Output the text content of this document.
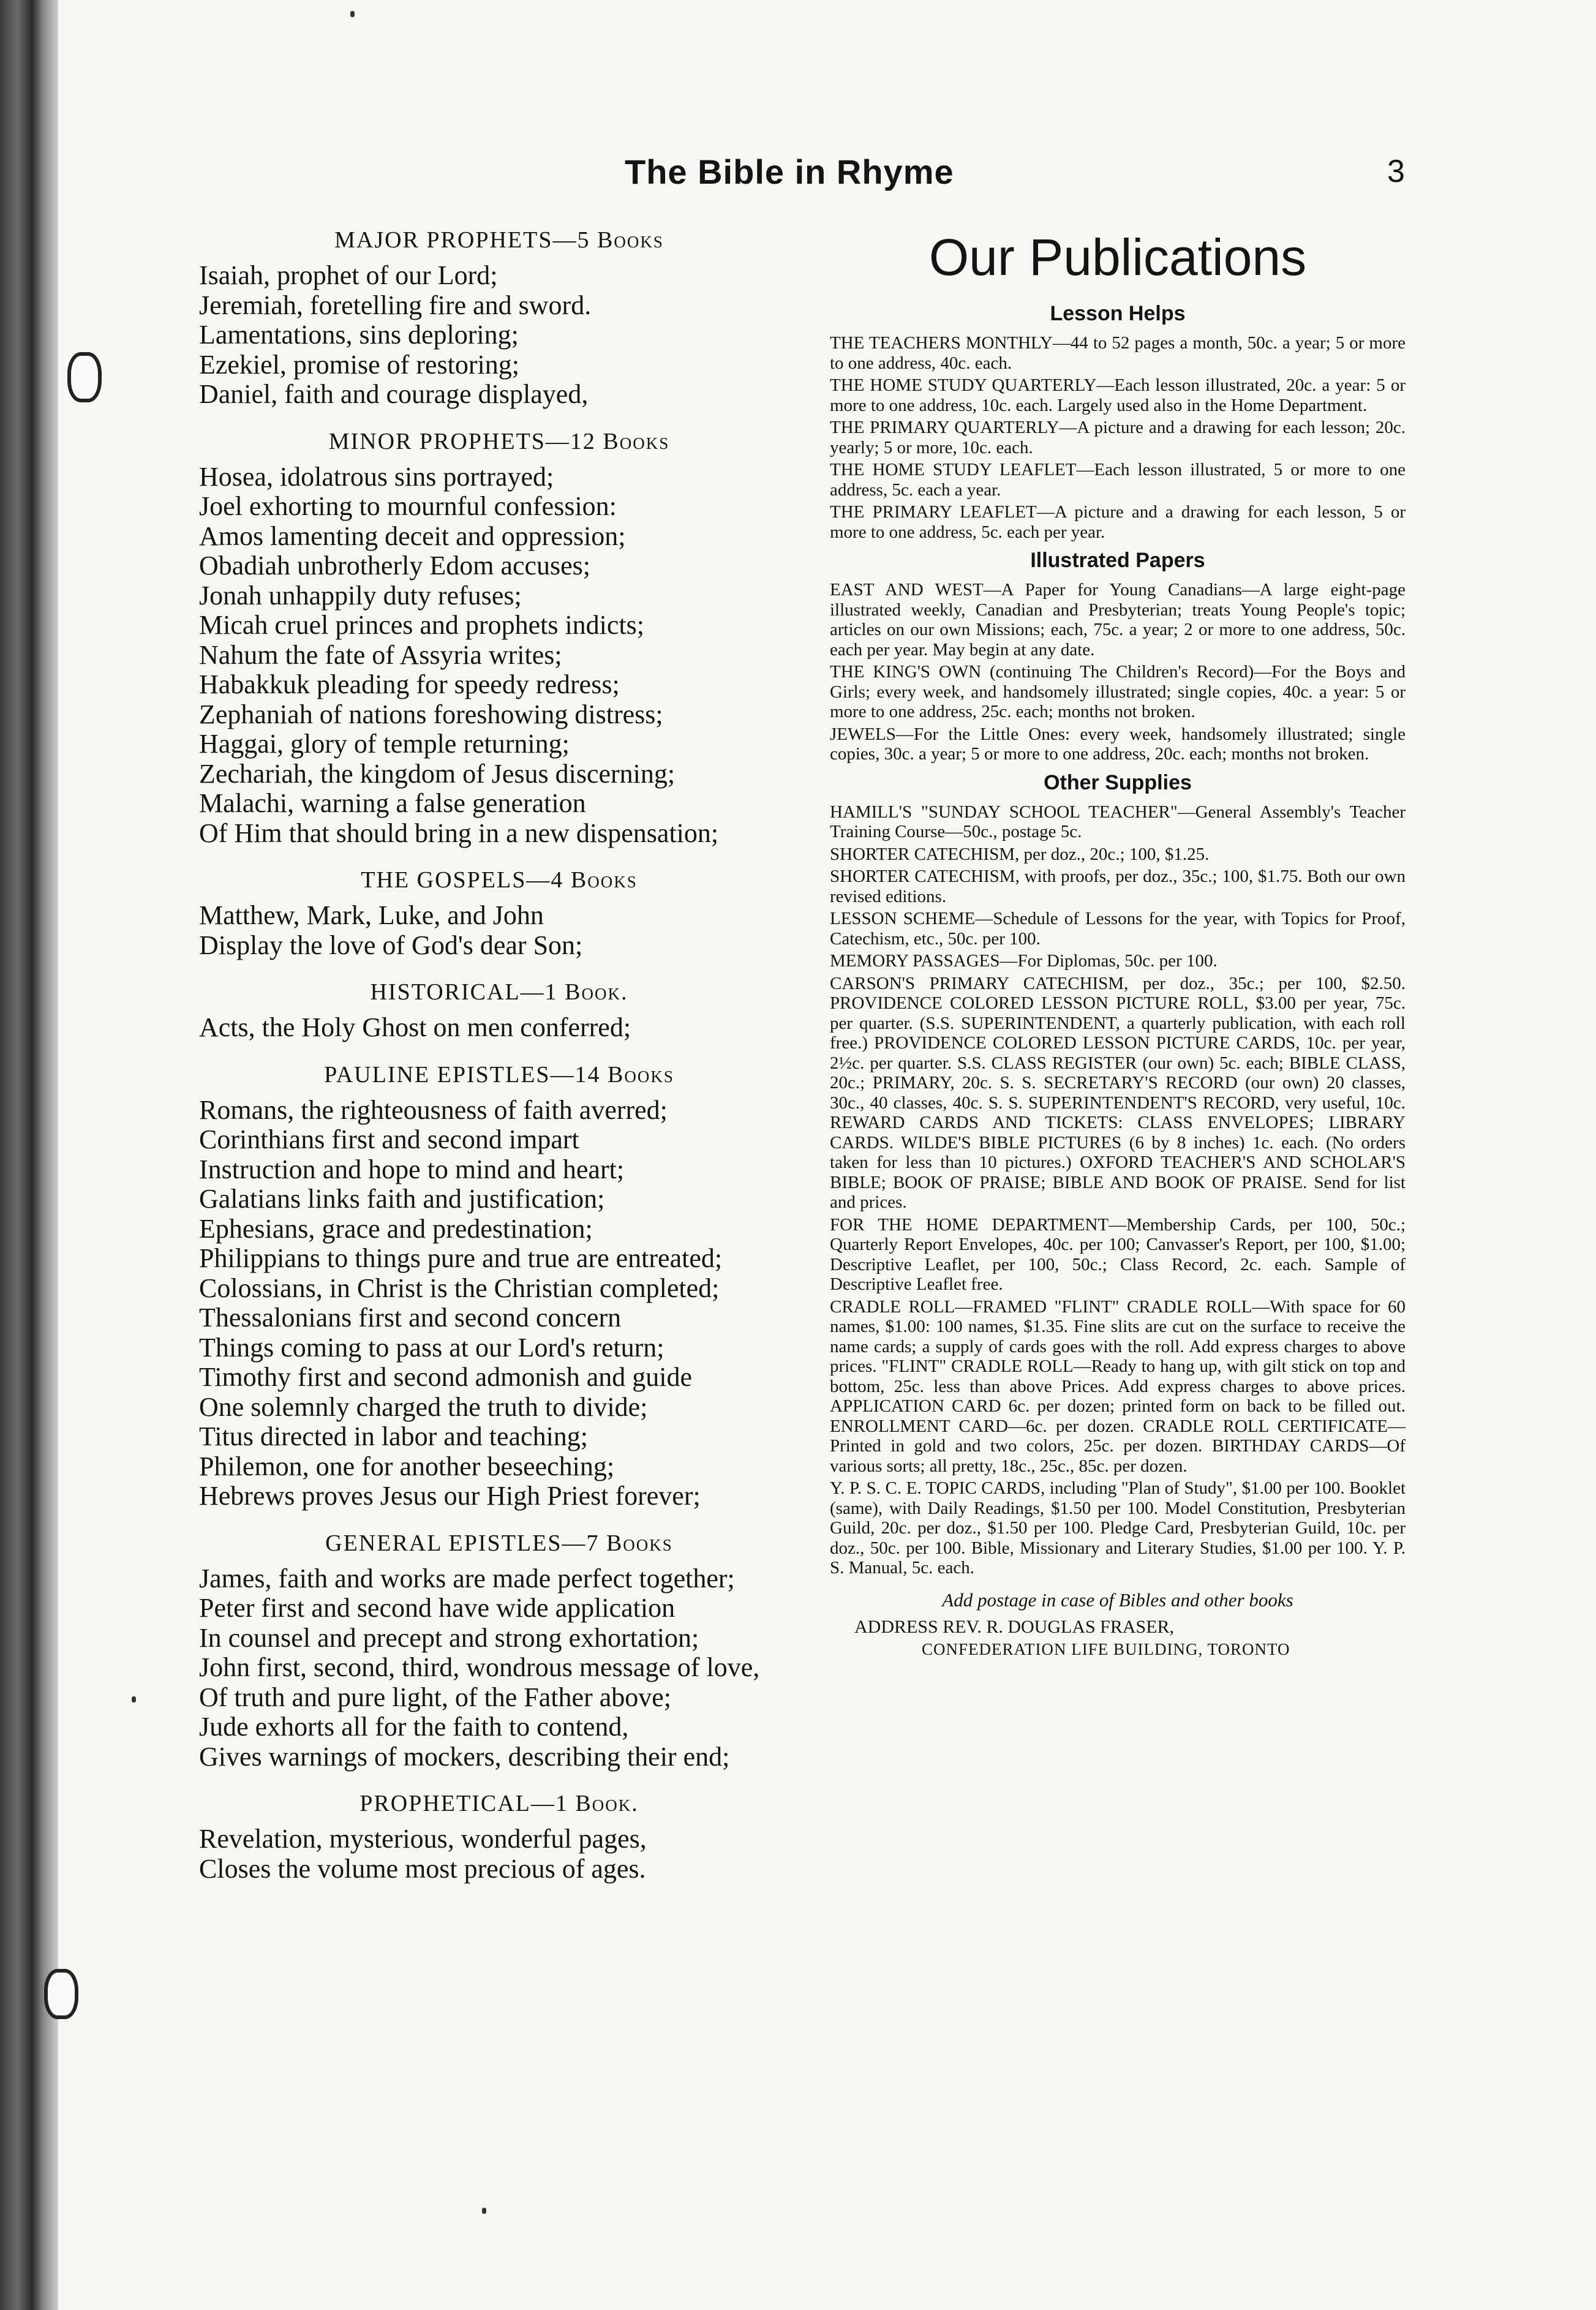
The Bible in Rhyme	3
MAJOR PROPHETS—5 Books
Isaiah, prophet of our Lord;
Jeremiah, foretelling fire and sword.
Lamentations, sins deploring;
Ezekiel, promise of restoring;
Daniel, faith and courage displayed,
MINOR PROPHETS—12 Books
Hosea, idolatrous sins portrayed;
Joel exhorting to mournful confession:
Amos lamenting deceit and oppression;
Obadiah unbrotherly Edom accuses;
Jonah unhappily duty refuses;
Micah cruel princes and prophets indicts;
Nahum the fate of Assyria writes;
Habakkuk pleading for speedy redress;
Zephaniah of nations foreshowing distress;
Haggai, glory of temple returning;
Zechariah, the kingdom of Jesus discerning;
Malachi, warning a false generation
Of Him that should bring in a new dispensation;
THE GOSPELS—4 Books
Matthew, Mark, Luke, and John
Display the love of God's dear Son;
HISTORICAL—1 Book.
Acts, the Holy Ghost on men conferred;
PAULINE EPISTLES—14 Books
Romans, the righteousness of faith averred;
Corinthians first and second impart
Instruction and hope to mind and heart;
Galatians links faith and justification;
Ephesians, grace and predestination;
Philippians to things pure and true are entreated;
Colossians, in Christ is the Christian completed;
Thessalonians first and second concern
Things coming to pass at our Lord's return;
Timothy first and second admonish and guide
One solemnly charged the truth to divide;
Titus directed in labor and teaching;
Philemon, one for another beseeching;
Hebrews proves Jesus our High Priest forever;
GENERAL EPISTLES—7 Books
James, faith and works are made perfect together;
Peter first and second have wide application
In counsel and precept and strong exhortation;
John first, second, third, wondrous message of love,
Of truth and pure light, of the Father above;
Jude exhorts all for the faith to contend,
Gives warnings of mockers, describing their end;
PROPHETICAL—1 Book.
Revelation, mysterious, wonderful pages,
Closes the volume most precious of ages.
Our Publications
Lesson Helps
THE TEACHERS MONTHLY—44 to 52 pages a month, 50c. a year; 5 or more to one address, 40c. each.
THE HOME STUDY QUARTERLY—Each lesson illustrated, 20c. a year: 5 or more to one address, 10c. each. Largely used also in the Home Department.
THE PRIMARY QUARTERLY—A picture and a drawing for each lesson; 20c. yearly; 5 or more, 10c. each.
THE HOME STUDY LEAFLET—Each lesson illustrated, 5 or more to one address, 5c. each a year.
THE PRIMARY LEAFLET—A picture and a drawing for each lesson, 5 or more to one address, 5c. each per year.
Illustrated Papers
EAST AND WEST—A Paper for Young Canadians—A large eight-page illustrated weekly, Canadian and Presbyterian; treats Young People's topic; articles on our own Missions; each, 75c. a year; 2 or more to one address, 50c. each per year. May begin at any date.
THE KING'S OWN (continuing The Children's Record)—For the Boys and Girls; every week, and handsomely illustrated; single copies, 40c. a year: 5 or more to one address, 25c. each; months not broken.
JEWELS—For the Little Ones: every week, handsomely illustrated; single copies, 30c. a year; 5 or more to one address, 20c. each; months not broken.
Other Supplies
HAMILL'S "SUNDAY SCHOOL TEACHER"—General Assembly's Teacher Training Course—50c., postage 5c.
SHORTER CATECHISM, per doz., 20c.; 100, $1.25.
SHORTER CATECHISM, with proofs, per doz., 35c.; 100, $1.75. Both our own revised editions.
LESSON SCHEME—Schedule of Lessons for the year, with Topics for Proof, Catechism, etc., 50c. per 100.
MEMORY PASSAGES—For Diplomas, 50c. per 100.
CARSON'S PRIMARY CATECHISM, per doz., 35c.; per 100, $2.50. PROVIDENCE COLORED LESSON PICTURE ROLL, $3.00 per year, 75c. per quarter. (S.S. SUPERINTENDENT, a quarterly publication, with each roll free.) PROVIDENCE COLORED LESSON PICTURE CARDS, 10c. per year, 2½c. per quarter. S.S. CLASS REGISTER (our own) 5c. each; BIBLE CLASS, 20c.; PRIMARY, 20c. S. S. SECRETARY'S RECORD (our own) 20 classes, 30c., 40 classes, 40c. S. S. SUPERINTENDENT'S RECORD, very useful, 10c. REWARD CARDS AND TICKETS: CLASS ENVELOPES; LIBRARY CARDS. WILDE'S BIBLE PICTURES (6 by 8 inches) 1c. each. (No orders taken for less than 10 pictures.) OXFORD TEACHER'S AND SCHOLAR'S BIBLE; BOOK OF PRAISE; BIBLE AND BOOK OF PRAISE. Send for list and prices.
FOR THE HOME DEPARTMENT—Membership Cards, per 100, 50c.; Quarterly Report Envelopes, 40c. per 100; Canvasser's Report, per 100, $1.00; Descriptive Leaflet, per 100, 50c.; Class Record, 2c. each. Sample of Descriptive Leaflet free.
CRADLE ROLL—FRAMED "FLINT" CRADLE ROLL—With space for 60 names, $1.00: 100 names, $1.35. Fine slits are cut on the surface to receive the name cards; a supply of cards goes with the roll. Add express charges to above prices. "FLINT" CRADLE ROLL—Ready to hang up, with gilt stick on top and bottom, 25c. less than above Prices. Add express charges to above prices. APPLICATION CARD 6c. per dozen; printed form on back to be filled out. ENROLLMENT CARD—6c. per dozen. CRADLE ROLL CERTIFICATE—Printed in gold and two colors, 25c. per dozen. BIRTHDAY CARDS—Of various sorts; all pretty, 18c., 25c., 85c. per dozen.
Y. P. S. C. E. TOPIC CARDS, including "Plan of Study", $1.00 per 100. Booklet (same), with Daily Readings, $1.50 per 100. Model Constitution, Presbyterian Guild, 20c. per doz., $1.50 per 100. Pledge Card, Presbyterian Guild, 10c. per doz., 50c. per 100. Bible, Missionary and Literary Studies, $1.00 per 100. Y. P. S. Manual, 5c. each.
Add postage in case of Bibles and other books
ADDRESS REV. R. DOUGLAS FRASER,
CONFEDERATION LIFE BUILDING, TORONTO
